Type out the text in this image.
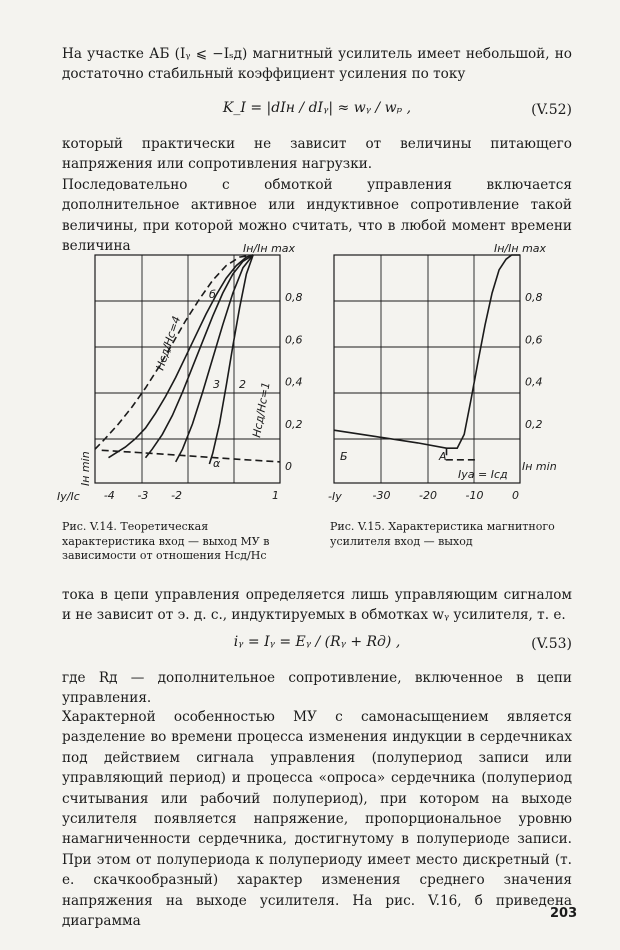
На участке АБ (Iᵧ ⩽ −Iₛд) магнитный усилитель имеет небольшой, но достаточно стабильный коэффициент усиления по току

K_I = |dIн / dIᵧ| ≈ wᵧ / wₚ ,	(V.52)

который практически не зависит от величины питающего напряжения или сопротивления нагрузки.

Последовательно с обмоткой управления включается дополнительное активное или индуктивное сопротивление такой величины, при которой можно считать, что в любой момент времени величина

-4 -3 -2	1
0
0,2
0,4
0,6
0,8
Iн/Iн max
Iy/Ic
Hсд/Hс=4
б
3 2 Hсд/Hс=1
α
Iн min
-30	-20	-10	0
0,2
0,4
0,6
0,8
Iн/Iн max
-Iy
Б	А
Iyа = Iсд
Iн min

Рис. V.14. Теоретическая характеристика вход — выход МУ в зависимости от отношения Hсд/Hс

Рис. V.15. Характеристика магнитного усилителя вход — выход

тока в цепи управления определяется лишь управляющим сигналом и не зависит от э. д. с., индуктируемых в обмотках wᵧ усилителя, т. е.

iᵧ = Iᵧ = Eᵧ / (Rᵧ + Rд) ,	(V.53)

где Rд — дополнительное сопротивление, включенное в цепи управления.

Характерной особенностью МУ с самонасыщением является разделение во времени процесса изменения индукции в сердечниках под действием сигнала управления (полупериод записи или управляющий период) и процесса «опроса» сердечника (полупериод считывания или рабочий полупериод), при котором на выходе усилителя появляется напряжение, пропорциональное уровню намагниченности сердечника, достигнутому в полупериоде записи. При этом от полупериода к полупериоду имеет место дискретный (т. е. скачкообразный) характер изменения среднего значения напряжения на выходе усилителя. На рис. V.16, б приведена диаграмма	203
